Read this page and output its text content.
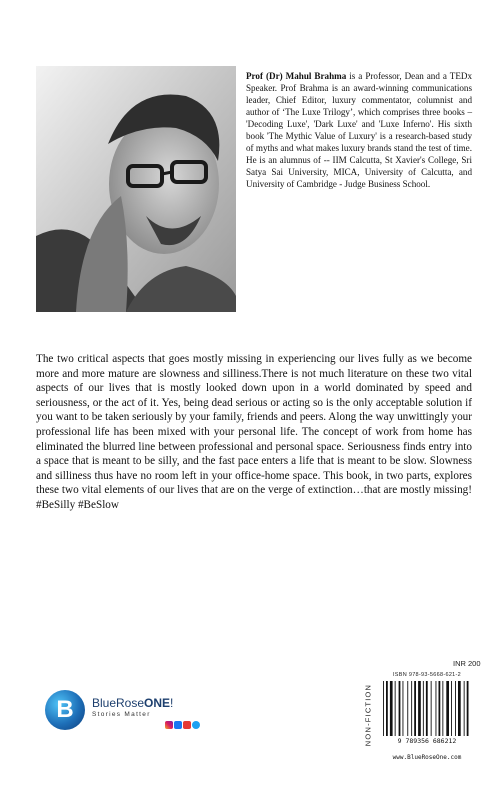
Prof (Dr) Mahul Brahma is a Professor, Dean and a TEDx Speaker. Prof Brahma is an award-winning communications leader, Chief Editor, luxury commentator, columnist and author of ‘The Luxe Trilogy’, which comprises three books – 'Decoding Luxe', 'Dark Luxe' and 'Luxe Inferno'. His sixth book 'The Mythic Value of Luxury' is a research-based study of myths and what makes luxury brands stand the test of time. He is an alumnus of -- IIM Calcutta, St Xavier's College, Sri Satya Sai University, MICA, University of Calcutta, and University of Cambridge - Judge Business School.

The two critical aspects that goes mostly missing in experiencing our lives fully as we become more and more mature are slowness and silliness.There is not much literature on these two vital aspects of our lives that is mostly looked down upon in a world dominated by speed and seriousness, or the act of it. Yes, being dead serious or acting so is the only acceptable solution if you want to be taken seriously by your family, friends and peers. Along the way unwittingly your professional life has been mixed with your personal life. The concept of work from home has eliminated the blurred line between professional and personal space. Seriousness finds entry into a space that is meant to be silly, and the fast pace enters a life that is meant to be slow. Slowness and silliness thus have no room left in your office-home space. This book, in two parts, explores these two vital elements of our lives that are on the verge of extinction…that are mostly missing! #BeSilly #BeSlow

B	BlueRoseONE!
Stories Matter
INR 200
NON-FICTION
ISBN 978-93-5668-621-2
9 789356 686212
www.BlueRoseOne.com
